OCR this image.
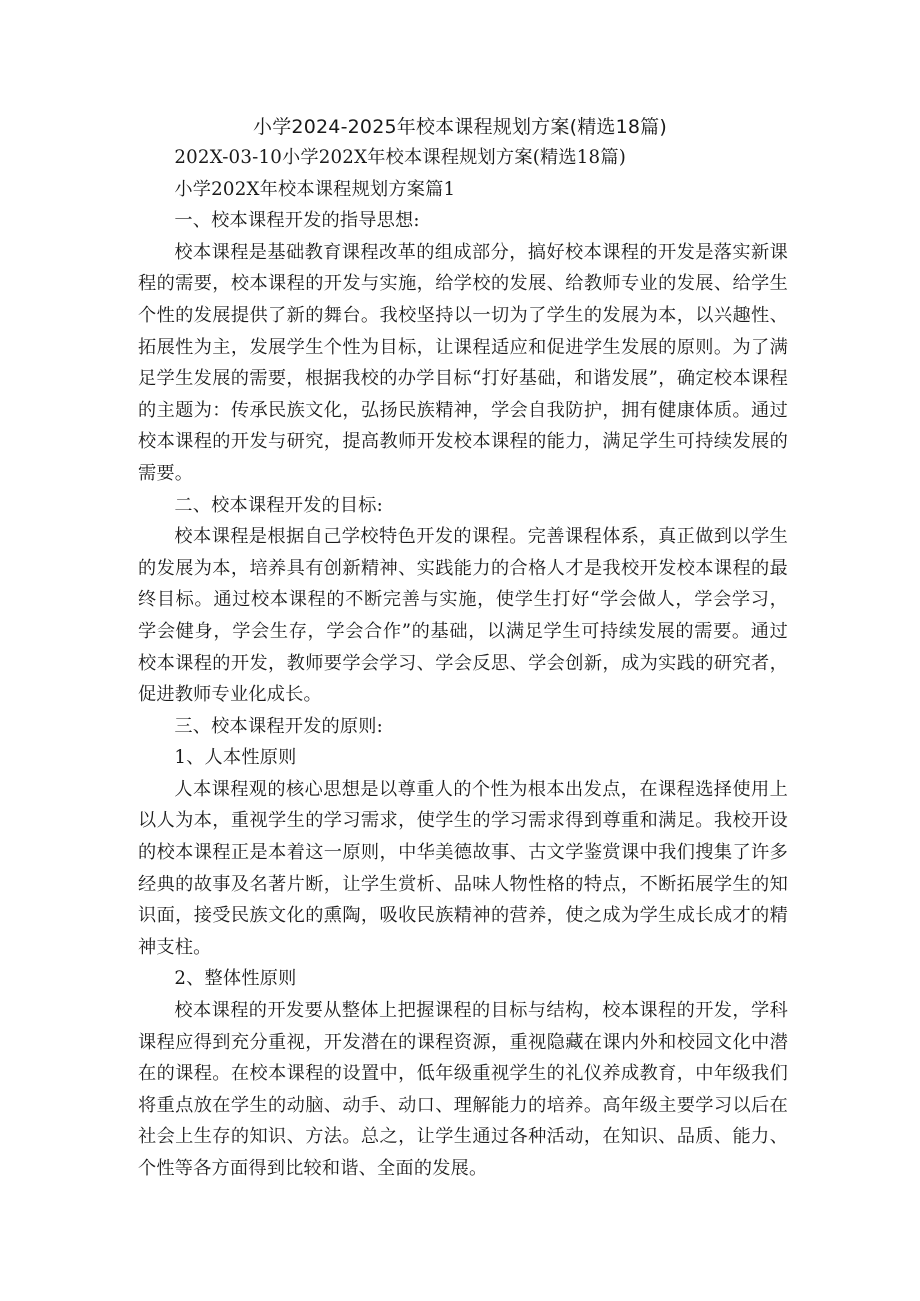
小学2024-2025年校本课程规划方案(精选18篇)

202X-03-10小学202X年校本课程规划方案(精选18篇)

小学202X年校本课程规划方案篇1

一、校本课程开发的指导思想:

校本课程是基础教育课程改革的组成部分，搞好校本课程的开发是落实新课程的需要，校本课程的开发与实施，给学校的发展、给教师专业的发展、给学生个性的发展提供了新的舞台。我校坚持以一切为了学生的发展为本，以兴趣性、拓展性为主，发展学生个性为目标，让课程适应和促进学生发展的原则。为了满足学生发展的需要，根据我校的办学目标“打好基础，和谐发展”，确定校本课程的主题为：传承民族文化，弘扬民族精神，学会自我防护，拥有健康体质。通过校本课程的开发与研究，提高教师开发校本课程的能力，满足学生可持续发展的需要。

二、校本课程开发的目标:

校本课程是根据自己学校特色开发的课程。完善课程体系，真正做到以学生的发展为本，培养具有创新精神、实践能力的合格人才是我校开发校本课程的最终目标。通过校本课程的不断完善与实施，使学生打好“学会做人，学会学习，学会健身，学会生存，学会合作”的基础，以满足学生可持续发展的需要。通过校本课程的开发，教师要学会学习、学会反思、学会创新，成为实践的研究者，促进教师专业化成长。

三、校本课程开发的原则:

1、人本性原则

人本课程观的核心思想是以尊重人的个性为根本出发点，在课程选择使用上以人为本，重视学生的学习需求，使学生的学习需求得到尊重和满足。我校开设的校本课程正是本着这一原则，中华美德故事、古文学鉴赏课中我们搜集了许多经典的故事及名著片断，让学生赏析、品味人物性格的特点，不断拓展学生的知识面，接受民族文化的熏陶，吸收民族精神的营养，使之成为学生成长成才的精神支柱。

2、整体性原则

校本课程的开发要从整体上把握课程的目标与结构，校本课程的开发，学科课程应得到充分重视，开发潜在的课程资源，重视隐藏在课内外和校园文化中潜在的课程。在校本课程的设置中，低年级重视学生的礼仪养成教育，中年级我们将重点放在学生的动脑、动手、动口、理解能力的培养。高年级主要学习以后在社会上生存的知识、方法。总之，让学生通过各种活动，在知识、品质、能力、个性等各方面得到比较和谐、全面的发展。
